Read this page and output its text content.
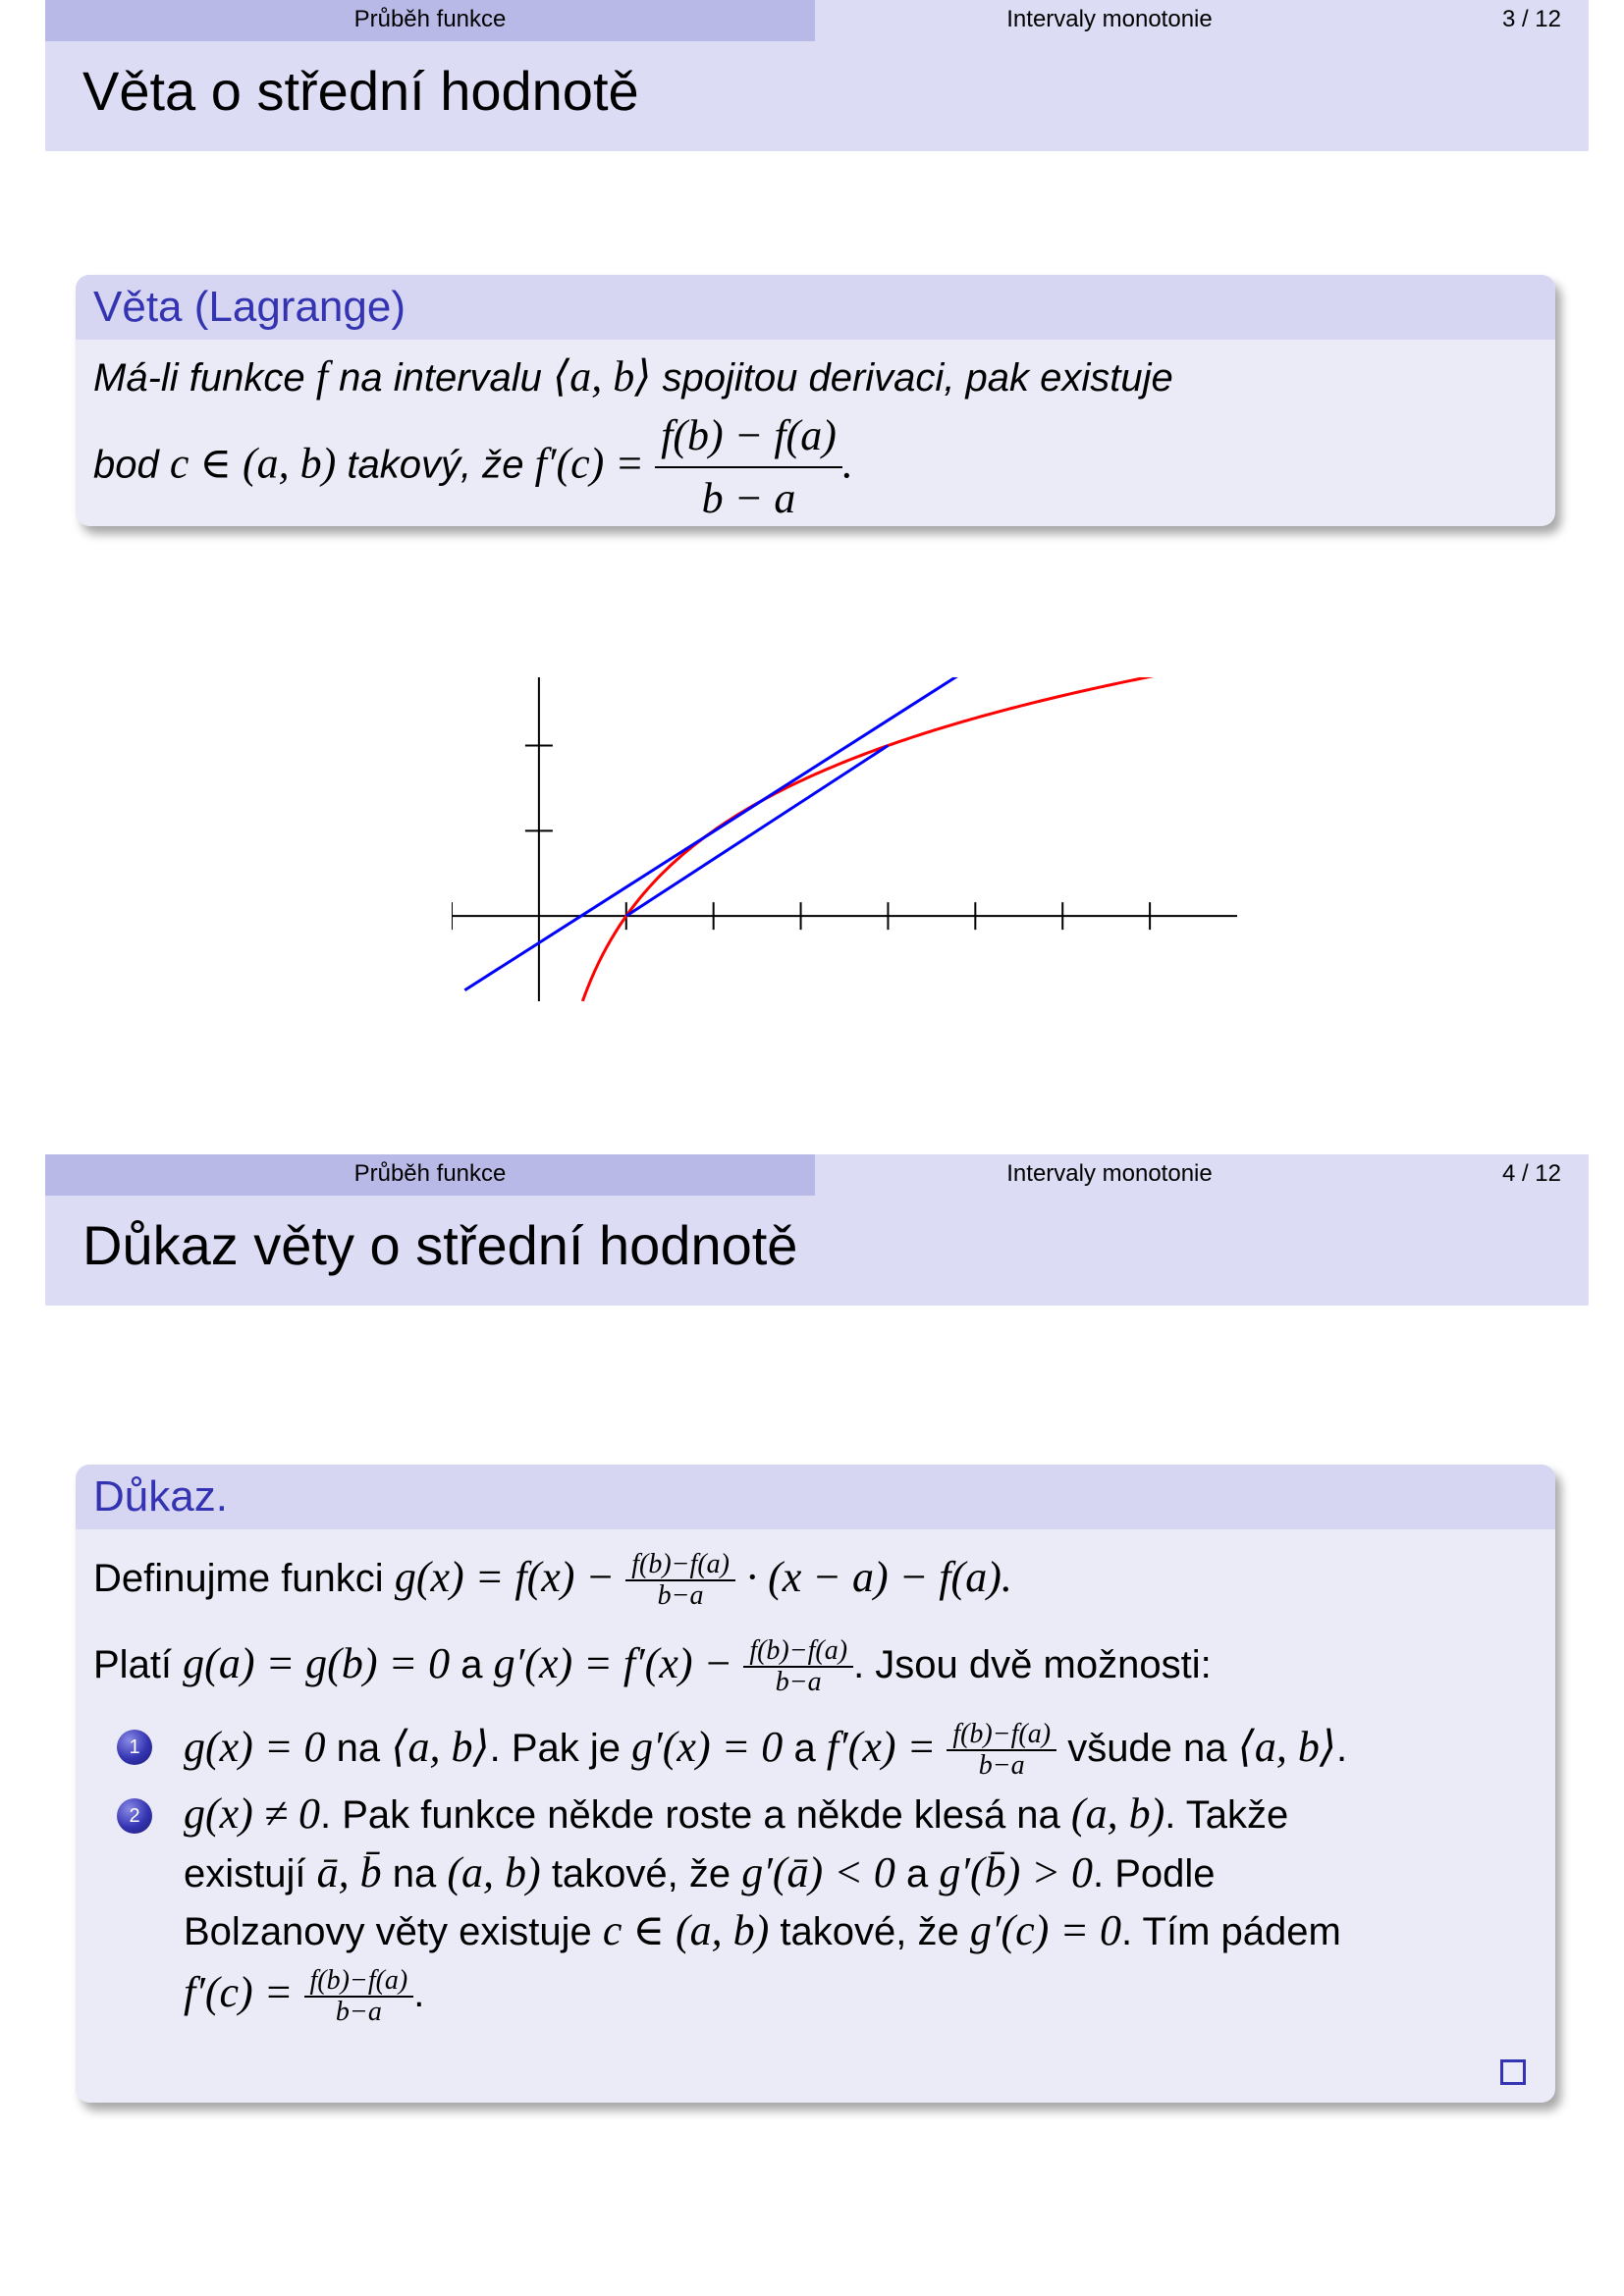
Průběh funkce	Intervaly monotonie	3 / 12
Věta o střední hodnotě
Věta (Lagrange)
Má-li funkce f na intervalu ⟨a, b⟩ spojitou derivaci, pak existuje
bod c ∈ (a, b) takový, že $f'(c) = \frac{f(b) - f(a)}{b - a}$ .
Průběh funkce	Intervaly monotonie	4 / 12
Důkaz věty o střední hodnotě
Důkaz.
Definujme funkci $g(x) = f(x) - \frac{f(b)-f(a)}{b-a} \cdot (x - a) - f(a)$.
Platí g(a) = g(b) = 0 a $g'(x) = f'(x) - \frac{f(b)-f(a)}{b-a}$ . Jsou dvě možnosti:
1 g(x) = 0 na ⟨a, b⟩. Pak je g′(x) = 0 a $f'(x) = \frac{f(b)-f(a)}{b-a}$ všude na ⟨a, b⟩.
2 g(x) ≠ 0. Pak funkce někde roste a někde klesá na (a, b). Takže
existují ā, b̄ na (a, b) takové, že g′(ā) < 0 a g′(b̄) > 0. Podle
Bolzanovy věty existuje c ∈ (a, b) takové, že g′(c) = 0. Tím pádem
$f'(c) = \frac{f(b)-f(a)}{b-a}$ .
